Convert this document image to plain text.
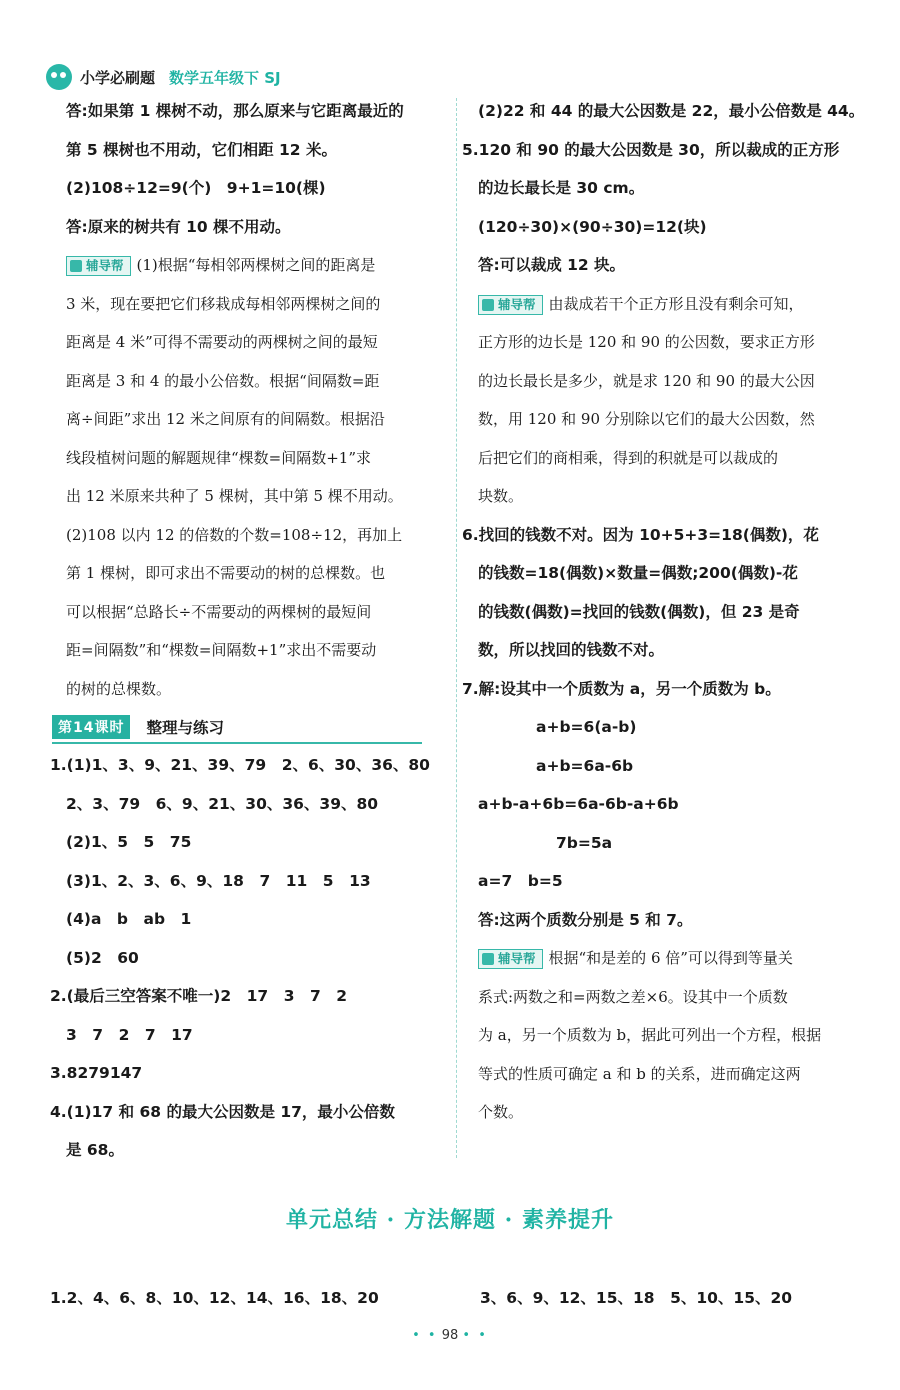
小学必刷题 数学五年级下 SJ
答:如果第 1 棵树不动，那么原来与它距离最近的
第 5 棵树也不用动，它们相距 12 米。
(2)108÷12=9(个)　9+1=10(棵)
答:原来的树共有 10 棵不用动。
辅导帮 (1)根据“每相邻两棵树之间的距离是
3 米，现在要把它们移栽成每相邻两棵树之间的
距离是 4 米”可得不需要动的两棵树之间的最短
距离是 3 和 4 的最小公倍数。根据“间隔数=距
离÷间距”求出 12 米之间原有的间隔数。根据沿
线段植树问题的解题规律“棵数=间隔数+1”求
出 12 米原来共种了 5 棵树，其中第 5 棵不用动。
(2)108 以内 12 的倍数的个数=108÷12，再加上
第 1 棵树，即可求出不需要动的树的总棵数。也
可以根据“总路长÷不需要动的两棵树的最短间
距=间隔数”和“棵数=间隔数+1”求出不需要动
的树的总棵数。
第14课时	整理与练习
1.(1)1、3、9、21、39、79　2、6、30、36、80
2、3、79　6、9、21、30、36、39、80
(2)1、5　5　75
(3)1、2、3、6、9、18　7　11　5　13
(4)a　b　ab　1
(5)2　60
2.(最后三空答案不唯一)2　17　3　7　2
3　7　2　7　17
3.8279147
4.(1)17 和 68 的最大公因数是 17，最小公倍数
是 68。
(2)22 和 44 的最大公因数是 22，最小公倍数是 44。
5.120 和 90 的最大公因数是 30，所以裁成的正方形
的边长最长是 30 cm。
(120÷30)×(90÷30)=12(块)
答:可以裁成 12 块。
辅导帮 由裁成若干个正方形且没有剩余可知，
正方形的边长是 120 和 90 的公因数，要求正方形
的边长最长是多少，就是求 120 和 90 的最大公因
数，用 120 和 90 分别除以它们的最大公因数，然
后把它们的商相乘，得到的积就是可以裁成的
块数。
6.找回的钱数不对。因为 10+5+3=18(偶数)，花
的钱数=18(偶数)×数量=偶数;200(偶数)-花
的钱数(偶数)=找回的钱数(偶数)，但 23 是奇
数，所以找回的钱数不对。
7.解:设其中一个质数为 a，另一个质数为 b。
a+b=6(a-b)
a+b=6a-6b
a+b-a+6b=6a-6b-a+6b
7b=5a
a=7　b=5
答:这两个质数分别是 5 和 7。
辅导帮 根据“和是差的 6 倍”可以得到等量关
系式:两数之和=两数之差×6。设其中一个质数
为 a，另一个质数为 b，据此可列出一个方程，根据
等式的性质可确定 a 和 b 的关系，进而确定这两
个数。
单元总结 · 方法解题 · 素养提升
1.2、4、6、8、10、12、14、16、18、20	3、6、9、12、15、18　5、10、15、20
• • 98 • •
